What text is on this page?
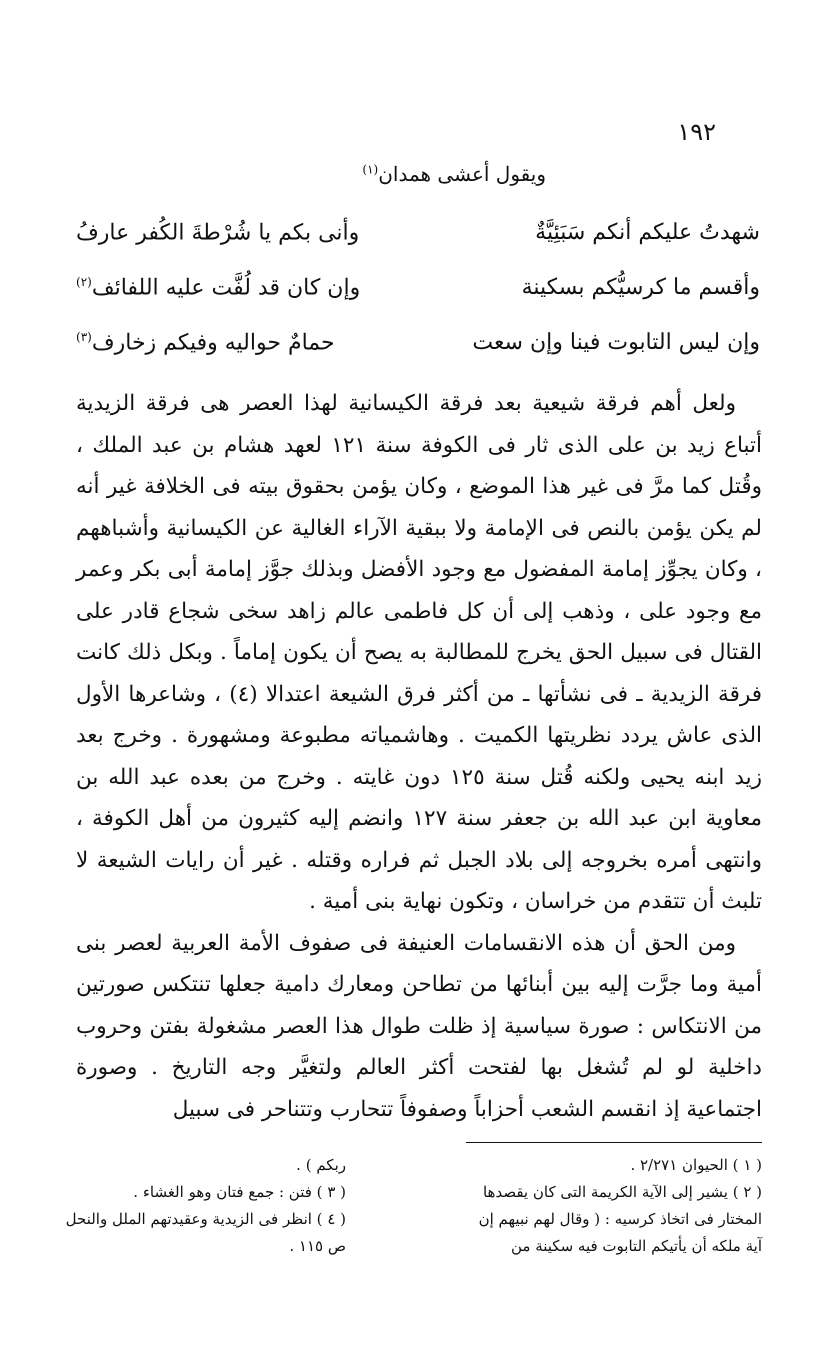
١٩٢
ويقول أعشى همدان$^{(١)}$
شهدتُ عليكم أنكم سَبَئِيَّةٌ
وأنى بكم يا شُرْطةَ الكُفر عارفُ
وأقسم ما كرسيُّكم بسكينة
وإن كان قد لُفَّت عليه اللفائف$^{(٢)}$
وإن ليس التابوت فينا وإن سعت
حمامٌ حواليه وفيكم زخارف$^{(٣)}$

ولعل أهم فرقة شيعية بعد فرقة الكيسانية لهذا العصر هى فرقة الزيدية أتباع زيد بن على الذى ثار فى الكوفة سنة ١٢١ لعهد هشام بن عبد الملك ، وقُتل كما مرَّ فى غير هذا الموضع ، وكان يؤمن بحقوق بيته فى الخلافة غير أنه لم يكن يؤمن بالنص فى الإمامة ولا ببقية الآراء الغالية عن الكيسانية وأشباههم ، وكان يجوِّز إمامة المفضول مع وجود الأفضل وبذلك جوَّز إمامة أبى بكر وعمر مع وجود على ، وذهب إلى أن كل فاطمى عالم زاهد سخى شجاع قادر على القتال فى سبيل الحق يخرج للمطالبة به يصح أن يكون إماماً . وبكل ذلك كانت فرقة الزيدية ـ فى نشأتها ـ من أكثر فرق الشيعة اعتدالا (٤) ، وشاعرها الأول الذى عاش يردد نظريتها الكميت . وهاشمياته مطبوعة ومشهورة . وخرج بعد زيد ابنه يحيى ولكنه قُتل سنة ١٢٥ دون غايته . وخرج من بعده عبد الله بن معاوية ابن عبد الله بن جعفر سنة ١٢٧ وانضم إليه كثيرون من أهل الكوفة ، وانتهى أمره بخروجه إلى بلاد الجبل ثم فراره وقتله . غير أن رايات الشيعة لا تلبث أن تتقدم من خراسان ، وتكون نهاية بنى أمية .

ومن الحق أن هذه الانقسامات العنيفة فى صفوف الأمة العربية لعصر بنى أمية وما جرَّت إليه بين أبنائها من تطاحن ومعارك دامية جعلها تنتكس صورتين من الانتكاس : صورة سياسية إذ ظلت طوال هذا العصر مشغولة بفتن وحروب داخلية لو لم تُشغل بها لفتحت أكثر العالم ولتغيَّر وجه التاريخ . وصورة اجتماعية إذ انقسم الشعب أحزاباً وصفوفاً تتحارب وتتناحر فى سبيل

( ١ ) الحيوان ٢/٢٧١ .
( ٢ ) يشير إلى الآية الكريمة التى كان يقصدها
المختار فى اتخاذ كرسيه : ( وقال لهم نبيهم إن
آية ملكه أن يأتيكم التابوت فيه سكينة من
ربكم ) .
( ٣ ) فتن : جمع فتان وهو الغشاء .
( ٤ ) انظر فى الزيدية وعقيدتهم الملل والنحل
ص ١١٥ .
